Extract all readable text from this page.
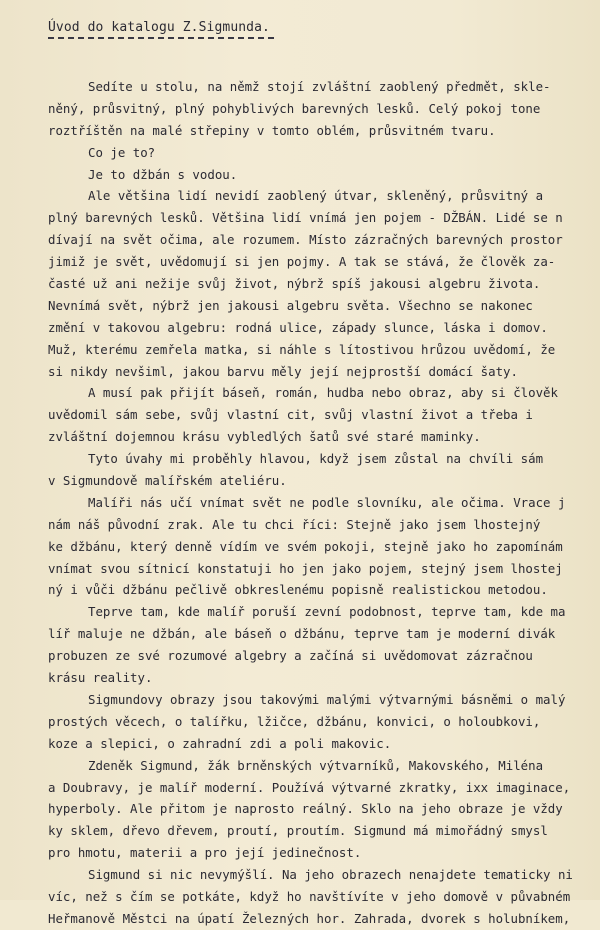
Úvod do katalogu Z.Sigmunda.
Sedíte u stolu, na němž stojí zvláštní zaoblený předmět, skle-
něný, průsvitný, plný pohyblivých barevných lesků. Celý pokoj tone
roztříštěn na malé střepiny v tomto oblém, průsvitném tvaru.
Co je to?
Je to džbán s vodou.
Ale většina lidí nevidí zaoblený útvar, skleněný, průsvitný a
plný barevných lesků. Většina lidí vnímá jen pojem - DŽBÁN. Lidé se n
dívají na svět očima, ale rozumem. Místo zázračných barevných prostor
jimiž je svět, uvědomují si jen pojmy. A tak se stává, že člověk za-
časté už ani nežije svůj život, nýbrž spíš jakousi algebru života.
Nevnímá svět, nýbrž jen jakousi algebru světa. Všechno se nakonec
změní v takovou algebru: rodná ulice, západy slunce, láska i domov.
Muž, kterému zemřela matka, si náhle s lítostivou hrůzou uvědomí, že
si nikdy nevšiml, jakou barvu měly její nejprostší domácí šaty.
A musí pak přijít báseň, román, hudba nebo obraz, aby si člověk
uvědomil sám sebe, svůj vlastní cit, svůj vlastní život a třeba i
zvláštní dojemnou krásu vybledlých šatů své staré maminky.
Tyto úvahy mi proběhly hlavou, když jsem zůstal na chvíli sám
v Sigmundově malířském ateliéru.
Malíři nás učí vnímat svět ne podle slovníku, ale očima. Vrace j
nám náš původní zrak. Ale tu chci říci: Stejně jako jsem lhostejný
ke džbánu, který denně vídím ve svém pokoji, stejně jako ho zapomínám
vnímat svou sítnicí konstatuji ho jen jako pojem, stejný jsem lhostej
ný i vůči džbánu pečlivě obkreslenému popisně realistickou metodou.
Teprve tam, kde malíř poruší zevní podobnost, teprve tam, kde ma
líř maluje ne džbán, ale báseň o džbánu, teprve tam je moderní divák
probuzen ze své rozumové algebry a začíná si uvědomovat zázračnou
krásu reality.
Sigmundovy obrazy jsou takovými malými výtvarnými básněmi o malý
prostých věcech, o talířku, lžičce, džbánu, konvici, o holoubkovi,
koze a slepici, o zahradní zdi a poli makovic.
Zdeněk Sigmund, žák brněnských výtvarníků, Makovského, Miléna
a Doubravy, je malíř moderní. Používá výtvarné zkratky, ixx imaginace,
hyperboly. Ale přitom je naprosto reálný. Sklo na jeho obraze je vždy
ky sklem, dřevo dřevem, proutí, proutím. Sigmund má mimořádný smysl
pro hmotu, materii a pro její jedinečnost.
Sigmund si nic nevymýšlí. Na jeho obrazech nenajdete tematicky ni
víc, než s čím se potkáte, když ho navštívíte v jeho domově v půvabném
Heřmanově Městci na úpatí Železných hor. Zahrada, dvorek s holubníkem,
